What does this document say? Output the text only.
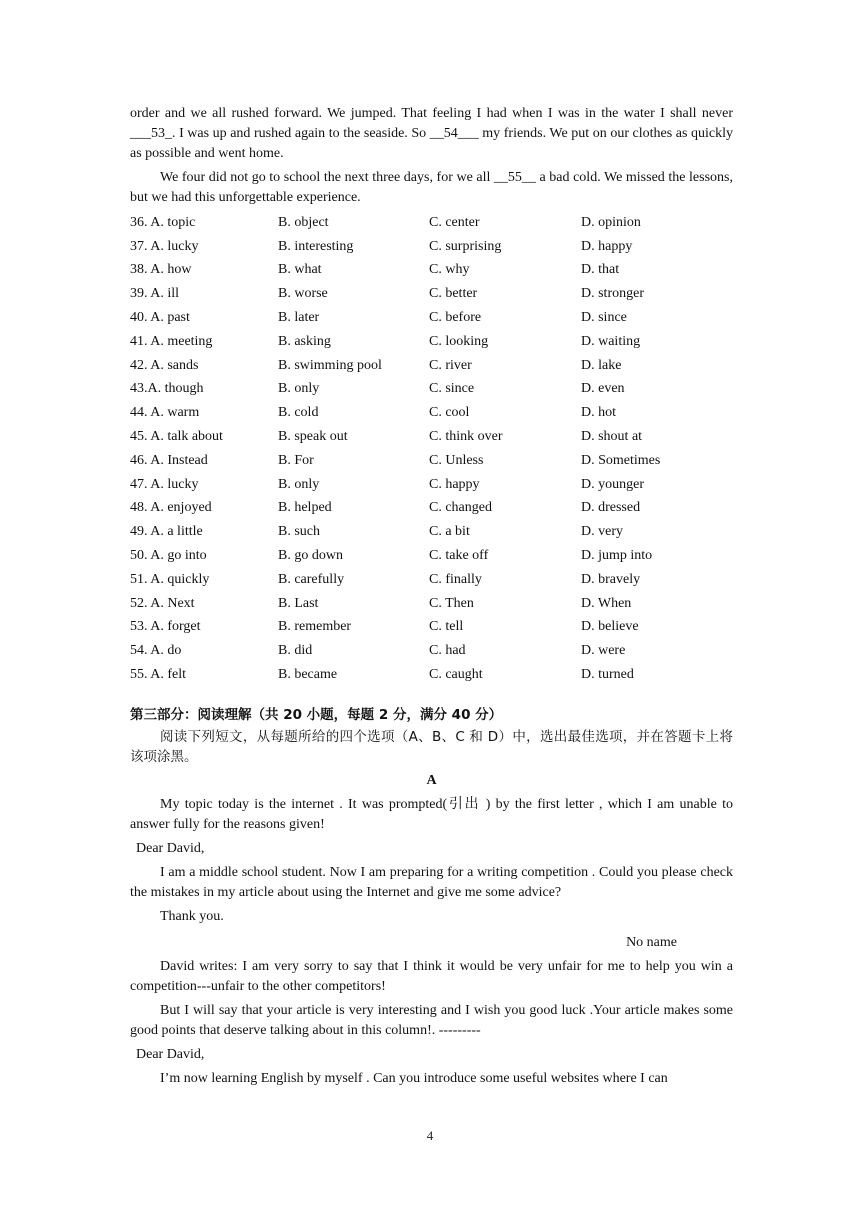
order and we all rushed forward. We jumped. That feeling I had when I was in the water I shall never ___53_. I was up and rushed again to the seaside. So __54___ my friends. We put on our clothes as quickly as possible and went home.

We four did not go to school the next three days, for we all __55__ a bad cold. We missed the lessons, but we had this unforgettable experience.

36. A. topic	B. object	C. center	D. opinion
37. A. lucky	B. interesting	C. surprising	D. happy
38. A. how	B. what	C. why	D. that
39. A. ill	B. worse	C. better	D. stronger
40. A. past	B. later	C. before	D. since
41. A. meeting	B. asking	C. looking	D. waiting
42. A. sands	B. swimming pool	C. river	D. lake
43.A. though	B. only	C. since	D. even
44. A. warm	B. cold	C. cool	D. hot
45. A. talk about	B. speak out	C. think over	D. shout at
46. A. Instead	B. For	C. Unless	D. Sometimes
47. A. lucky	B. only	C. happy	D. younger
48. A. enjoyed	B. helped	C. changed	D. dressed
49. A. a little	B. such	C. a bit	D. very
50. A. go into	B. go down	C. take off	D. jump into
51. A. quickly	B. carefully	C. finally	D. bravely
52. A. Next	B. Last	C. Then	D. When
53. A. forget	B. remember	C. tell	D. believe
54. A. do	B. did	C. had	D. were
55. A. felt	B. became	C. caught	D. turned
第三部分：阅读理解（共 20 小题，每题 2 分，满分 40 分）

阅读下列短文，从每题所给的四个选项（A、B、C 和 D）中，选出最佳选项，并在答题卡上将该项涂黑。

A

My topic today is the internet . It was prompted(引出 ) by the first letter , which I am unable to answer fully for the reasons given!

Dear David,

I am a middle school student. Now I am preparing for a writing competition . Could you please check the mistakes in my article about using the Internet and give me some advice?

Thank you.

No name

David writes: I am very sorry to say that I think it would be very unfair for me to help you win a competition---unfair to the other competitors!

But I will say that your article is very interesting and I wish you good luck .Your article makes some good points that deserve talking about in this column!. ---------

Dear David,

I’m now learning English by myself . Can you introduce some useful websites where I can

4
